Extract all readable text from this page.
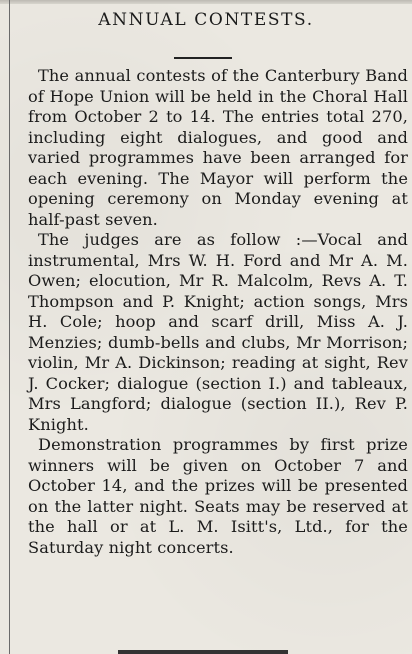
ANNUAL CONTESTS.

The annual contests of the Canterbury Band of Hope Union will be held in the Choral Hall from October 2 to 14. The entries total 270, including eight dialogues, and good and varied programmes have been arranged for each evening. The Mayor will perform the opening ceremony on Monday evening at half-past seven.

The judges are as follow :—Vocal and instrumental, Mrs W. H. Ford and Mr A. M. Owen; elocution, Mr R. Malcolm, Revs A. T. Thompson and P. Knight; action songs, Mrs H. Cole; hoop and scarf drill, Miss A. J. Menzies; dumb-bells and clubs, Mr Morrison; violin, Mr A. Dickinson; reading at sight, Rev J. Cocker; dialogue (section I.) and tableaux, Mrs Langford; dialogue (section II.), Rev P. Knight.

Demonstration programmes by first prize winners will be given on October 7 and October 14, and the prizes will be presented on the latter night. Seats may be reserved at the hall or at L. M. Isitt's, Ltd., for the Saturday night concerts.
